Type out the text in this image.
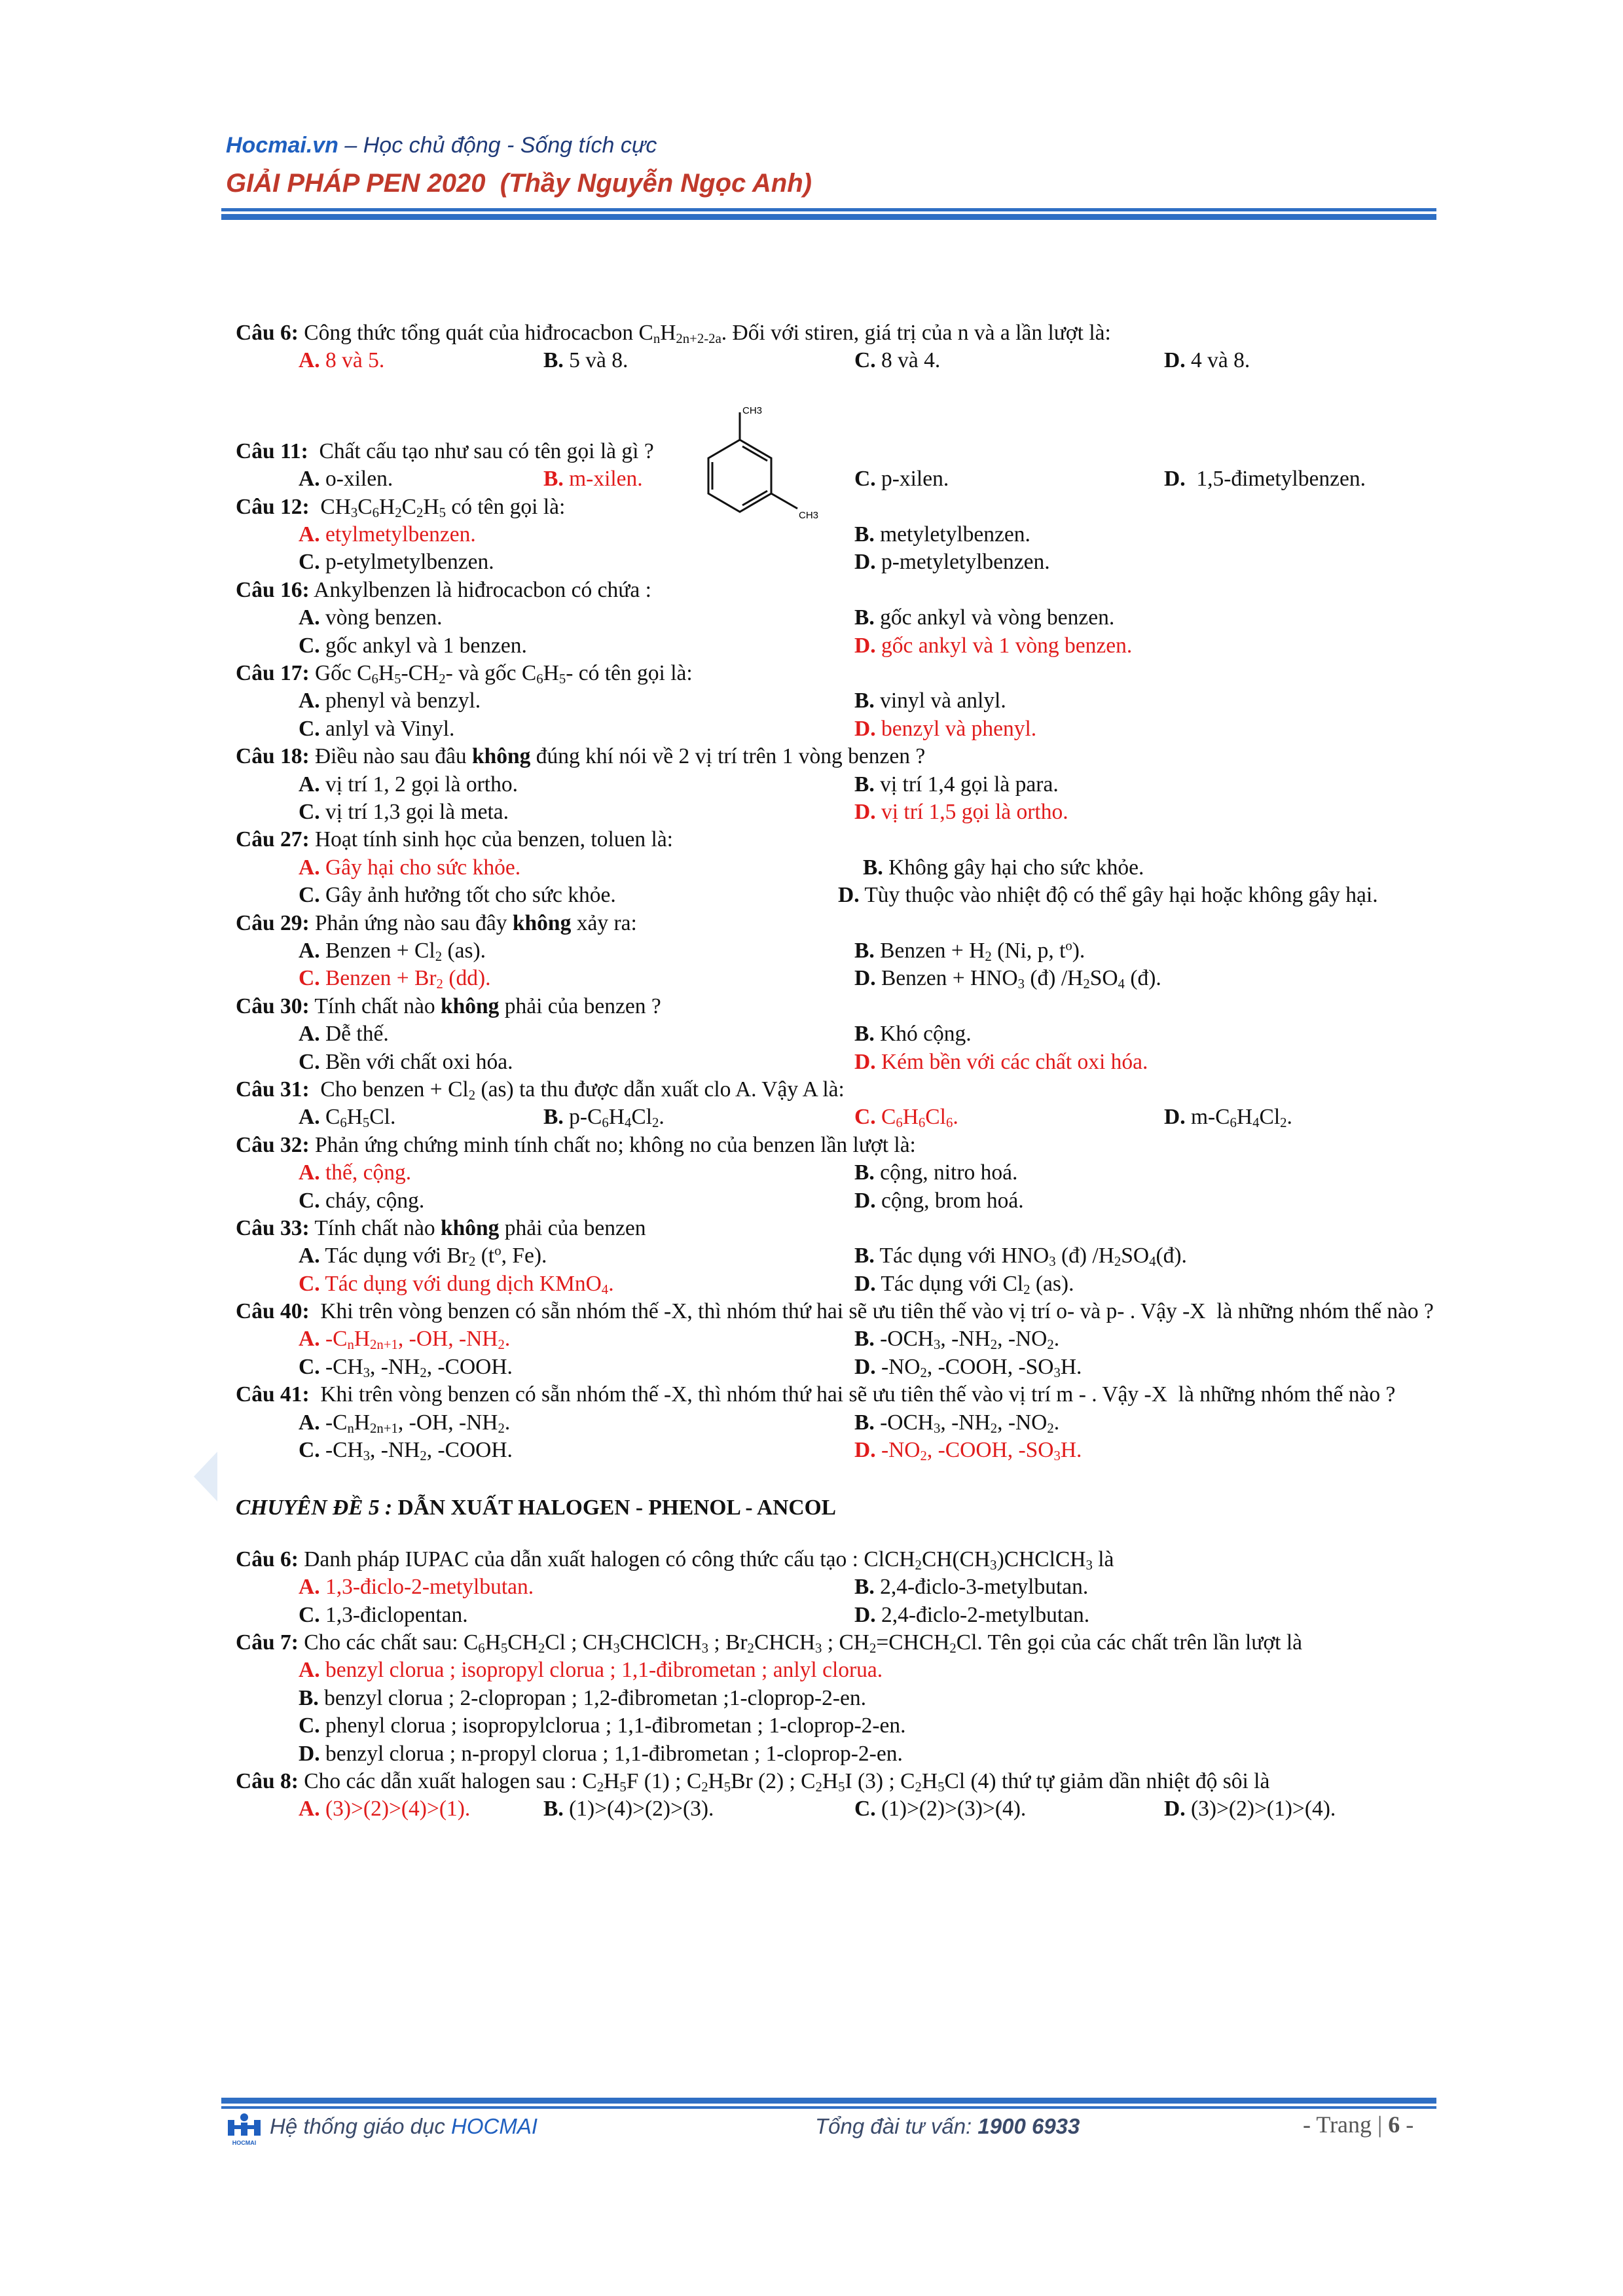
Hocmai.vn – Học chủ động - Sống tích cực
GIẢI PHÁP PEN 2020 (Thầy Nguyễn Ngọc Anh)
CH3
CH3
Câu 6: Công thức tổng quát của hiđrocacbon $C_nH_{2n+2-2a}$. Đối với stiren, giá trị của n và a lần lượt là:
A. 8 và 5.	B. 5 và 8.	C. 8 và 4.	D. 4 và 8.
Câu 11:  Chất cấu tạo như sau có tên gọi là gì ?
A. o-xilen.	B. m-xilen.	C. p-xilen.	D.  1,5-đimetylbenzen.
Câu 12:  $CH_3C_6H_2C_2H_5$ có tên gọi là:
A. etylmetylbenzen.	B. metyletylbenzen.
C. p-etylmetylbenzen.	D. p-metyletylbenzen.
Câu 16: Ankylbenzen là hiđrocacbon có chứa :
A. vòng benzen.	B. gốc ankyl và vòng benzen.
C. gốc ankyl và 1 benzen.	D. gốc ankyl và 1 vòng benzen.
Câu 17: Gốc $C_6H_5-CH_2-$ và gốc $C_6H_5-$ có tên gọi là:
A. phenyl và benzyl.	B. vinyl và anlyl.
C. anlyl và Vinyl.	D. benzyl và phenyl.
Câu 18: Điều nào sau đâu không đúng khí nói về 2 vị trí trên 1 vòng benzen ?
A. vị trí 1, 2 gọi là ortho.	B. vị trí 1,4 gọi là para.
C. vị trí 1,3 gọi là meta.	D. vị trí 1,5 gọi là ortho.
Câu 27: Hoạt tính sinh học của benzen, toluen là:
A. Gây hại cho sức khỏe.	B. Không gây hại cho sức khỏe.
C. Gây ảnh hưởng tốt cho sức khỏe.	D. Tùy thuộc vào nhiệt độ có thể gây hại hoặc không gây hại.
Câu 29: Phản ứng nào sau đây không xảy ra:
A. Benzen + $Cl_2$ (as).	B. Benzen + $H_2$ (Ni, p, $t^o$).
C. Benzen + $Br_2$ (dd).	D. Benzen + $HNO_3$ (đ) $/H_2SO_4$ (đ).
Câu 30: Tính chất nào không phải của benzen ?
A. Dễ thế.	B. Khó cộng.
C. Bền với chất oxi hóa.	D. Kém bền với các chất oxi hóa.
Câu 31:  Cho benzen + $Cl_2$ (as) ta thu được dẫn xuất clo A. Vậy A là:
A. $C_6H_5Cl$.	B. $p-C_6H_4Cl_2$.	C. $C_6H_6Cl_6$.	D. $m-C_6H_4Cl_2$.
Câu 32: Phản ứng chứng minh tính chất no; không no của benzen lần lượt là:
A. thế, cộng.	B. cộng, nitro hoá.
C. cháy, cộng.	D. cộng, brom hoá.
Câu 33: Tính chất nào không phải của benzen
A. Tác dụng với $Br_2$ ($t^o$, Fe).	B. Tác dụng với $HNO_3$ (đ) $/H_2SO_4(đ)$.
C. Tác dụng với dung dịch KMnO$_4$.	D. Tác dụng với $Cl_2$ (as).
Câu 40:  Khi trên vòng benzen có sẵn nhóm thế -X, thì nhóm thứ hai sẽ ưu tiên thế vào vị trí o- và p- . Vậy -X  là những nhóm thế nào ?
A. $-C_nH_{2n+1}$, -OH, $-NH_2$.	B. $-OCH_3$, $-NH_2$, $-NO_2$.
C. $-CH_3$, $-NH_2$, -COOH.	D. $-NO_2$, -COOH, $-SO_3H$.
Câu 41:  Khi trên vòng benzen có sẵn nhóm thế -X, thì nhóm thứ hai sẽ ưu tiên thế vào vị trí m - . Vậy -X  là những nhóm thế nào ?
A. $-C_nH_{2n+1}$, -OH, $-NH_2$.	B. $-OCH_3$, $-NH_2$, $-NO_2$.
C. $-CH_3$, $-NH_2$, -COOH.	D. $-NO_2$, -COOH, $-SO_3H$.
CHUYÊN ĐỀ 5 : DẪN XUẤT HALOGEN - PHENOL - ANCOL
Câu 6: Danh pháp IUPAC của dẫn xuất halogen có công thức cấu tạo : $ClCH_2CH(CH_3)CHClCH_3$ là
A. 1,3-điclo-2-metylbutan.	B. 2,4-điclo-3-metylbutan.
C. 1,3-điclopentan.	D. 2,4-điclo-2-metylbutan.
Câu 7: Cho các chất sau: $C_6H_5CH_2Cl$ ; $CH_3CHClCH_3$ ; $Br_2CHCH_3$ ; $CH_2=CHCH_2Cl$. Tên gọi của các chất trên lần lượt là
A. benzyl clorua ; isopropyl clorua ; 1,1-đibrometan ; anlyl clorua.
B. benzyl clorua ; 2-clopropan ; 1,2-đibrometan ;1-cloprop-2-en.
C. phenyl clorua ; isopropylclorua ; 1,1-đibrometan ; 1-cloprop-2-en.
D. benzyl clorua ; n-propyl clorua ; 1,1-đibrometan ; 1-cloprop-2-en.
Câu 8: Cho các dẫn xuất halogen sau : $C_2H_5F$ (1) ; $C_2H_5Br$ (2) ; $C_2H_5I$ (3) ; $C_2H_5Cl$ (4) thứ tự giảm dần nhiệt độ sôi là
A. (3)>(2)>(4)>(1).	B. (1)>(4)>(2)>(3).	C. (1)>(2)>(3)>(4).	D. (3)>(2)>(1)>(4).
HOCMAI
Hệ thống giáo dục HOCMAI	Tổng đài tư vấn: 1900 6933	- Trang | 6 -
